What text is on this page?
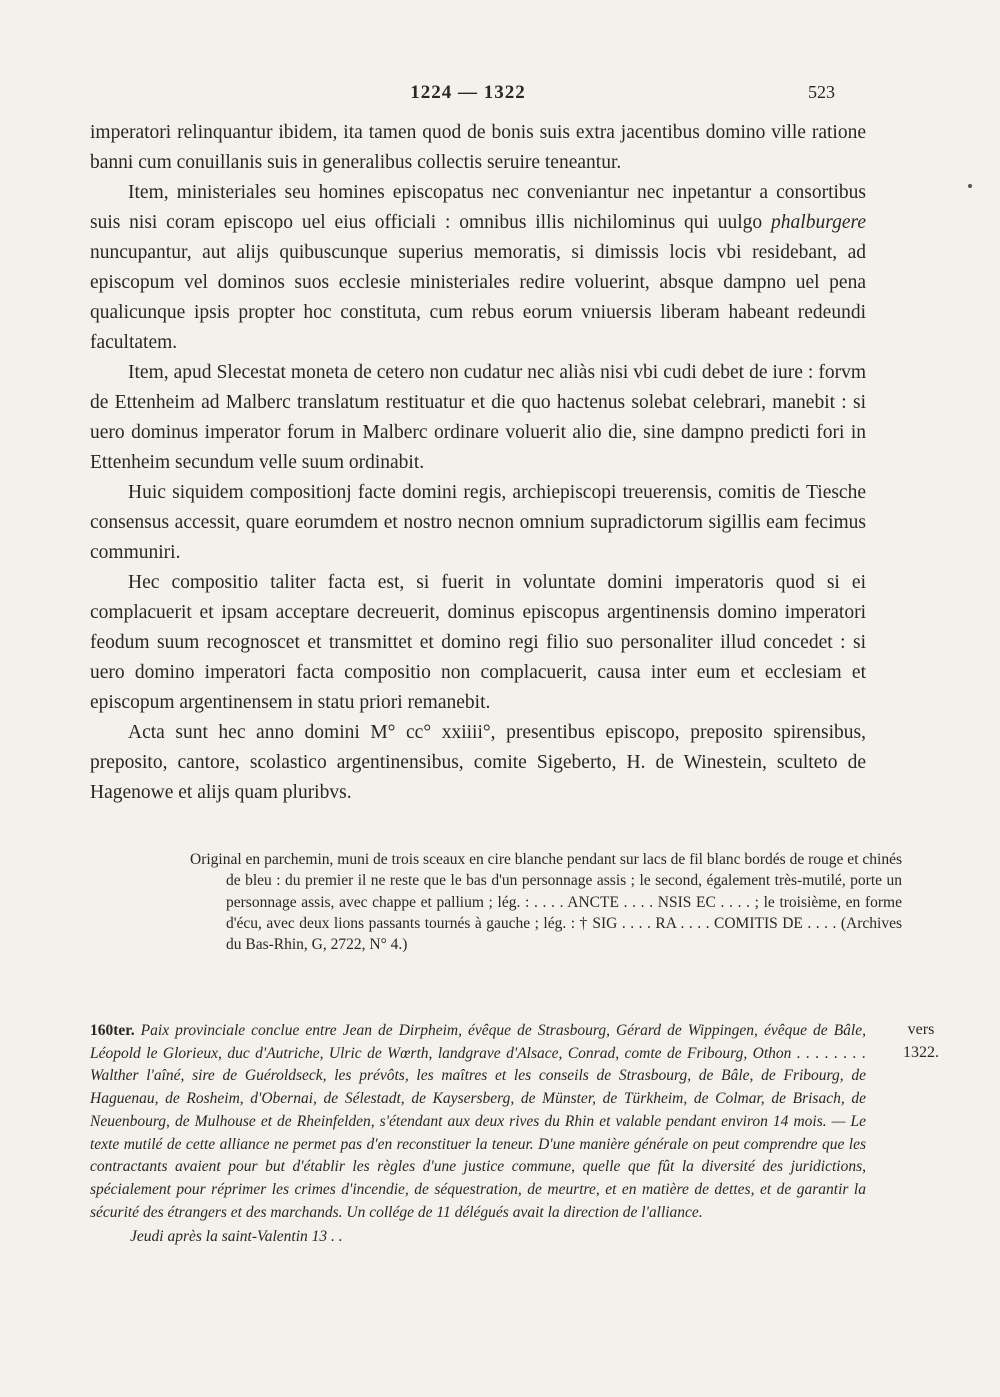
1224 — 1322	523

imperatori relinquantur ibidem, ita tamen quod de bonis suis extra jacentibus domino ville ratione banni cum conuillanis suis in generalibus collectis seruire teneantur.

Item, ministeriales seu homines episcopatus nec conveniantur nec inpetantur a consortibus suis nisi coram episcopo uel eius officiali : omnibus illis nichilominus qui uulgo phalburgere nuncupantur, aut alijs quibuscunque superius memoratis, si dimissis locis vbi residebant, ad episcopum vel dominos suos ecclesie ministeriales redire voluerint, absque dampno uel pena qualicunque ipsis propter hoc constituta, cum rebus eorum vniuersis liberam habeant redeundi facultatem.

Item, apud Slecestat moneta de cetero non cudatur nec aliàs nisi vbi cudi debet de iure : forvm de Ettenheim ad Malberc translatum restituatur et die quo hactenus solebat celebrari, manebit : si uero dominus imperator forum in Malberc ordinare voluerit alio die, sine dampno predicti fori in Ettenheim secundum velle suum ordinabit.

Huic siquidem compositionj facte domini regis, archiepiscopi treuerensis, comitis de Tiesche consensus accessit, quare eorumdem et nostro necnon omnium supradictorum sigillis eam fecimus communiri.

Hec compositio taliter facta est, si fuerit in voluntate domini imperatoris quod si ei complacuerit et ipsam acceptare decreuerit, dominus episcopus argentinensis domino imperatori feodum suum recognoscet et transmittet et domino regi filio suo personaliter illud concedet : si uero domino imperatori facta compositio non complacuerit, causa inter eum et ecclesiam et episcopum argentinensem in statu priori remanebit.

Acta sunt hec anno domini M° cc° xxiiii°, presentibus episcopo, preposito spirensibus, preposito, cantore, scolastico argentinensibus, comite Sigeberto, H. de Winestein, sculteto de Hagenowe et alijs quam pluribvs.

Original en parchemin, muni de trois sceaux en cire blanche pendant sur lacs de fil blanc bordés de rouge et chinés de bleu : du premier il ne reste que le bas d'un personnage assis ; le second, également très-mutilé, porte un personnage assis, avec chappe et pallium ; lég. : . . . . ANCTE . . . . NSIS EC . . . . ; le troisième, en forme d'écu, avec deux lions passants tournés à gauche ; lég. : † SIG . . . . RA . . . . COMITIS DE . . . . (Archives du Bas-Rhin, G, 2722, N° 4.)

160ter. Paix provinciale conclue entre Jean de Dirpheim, évêque de Strasbourg, Gérard de Wippingen, évêque de Bâle, Léopold le Glorieux, duc d'Autriche, Ulric de Wœrth, landgrave d'Alsace, Conrad, comte de Fribourg, Othon . . . . . . . . Walther l'aîné, sire de Guéroldseck, les prévôts, les maîtres et les conseils de Strasbourg, de Bâle, de Fribourg, de Haguenau, de Rosheim, d'Obernai, de Sélestadt, de Kaysersberg, de Münster, de Türkheim, de Colmar, de Brisach, de Neuenbourg, de Mulhouse et de Rheinfelden, s'étendant aux deux rives du Rhin et valable pendant environ 14 mois. — Le texte mutilé de cette alliance ne permet pas d'en reconstituer la teneur. D'une manière générale on peut comprendre que les contractants avaient pour but d'établir les règles d'une justice commune, quelle que fût la diversité des juridictions, spécialement pour réprimer les crimes d'incendie, de séquestration, de meurtre, et en matière de dettes, et de garantir la sécurité des étrangers et des marchands. Un collége de 11 délégués avait la direction de l'alliance.

Jeudi après la saint-Valentin 13 . .

vers
1322.
